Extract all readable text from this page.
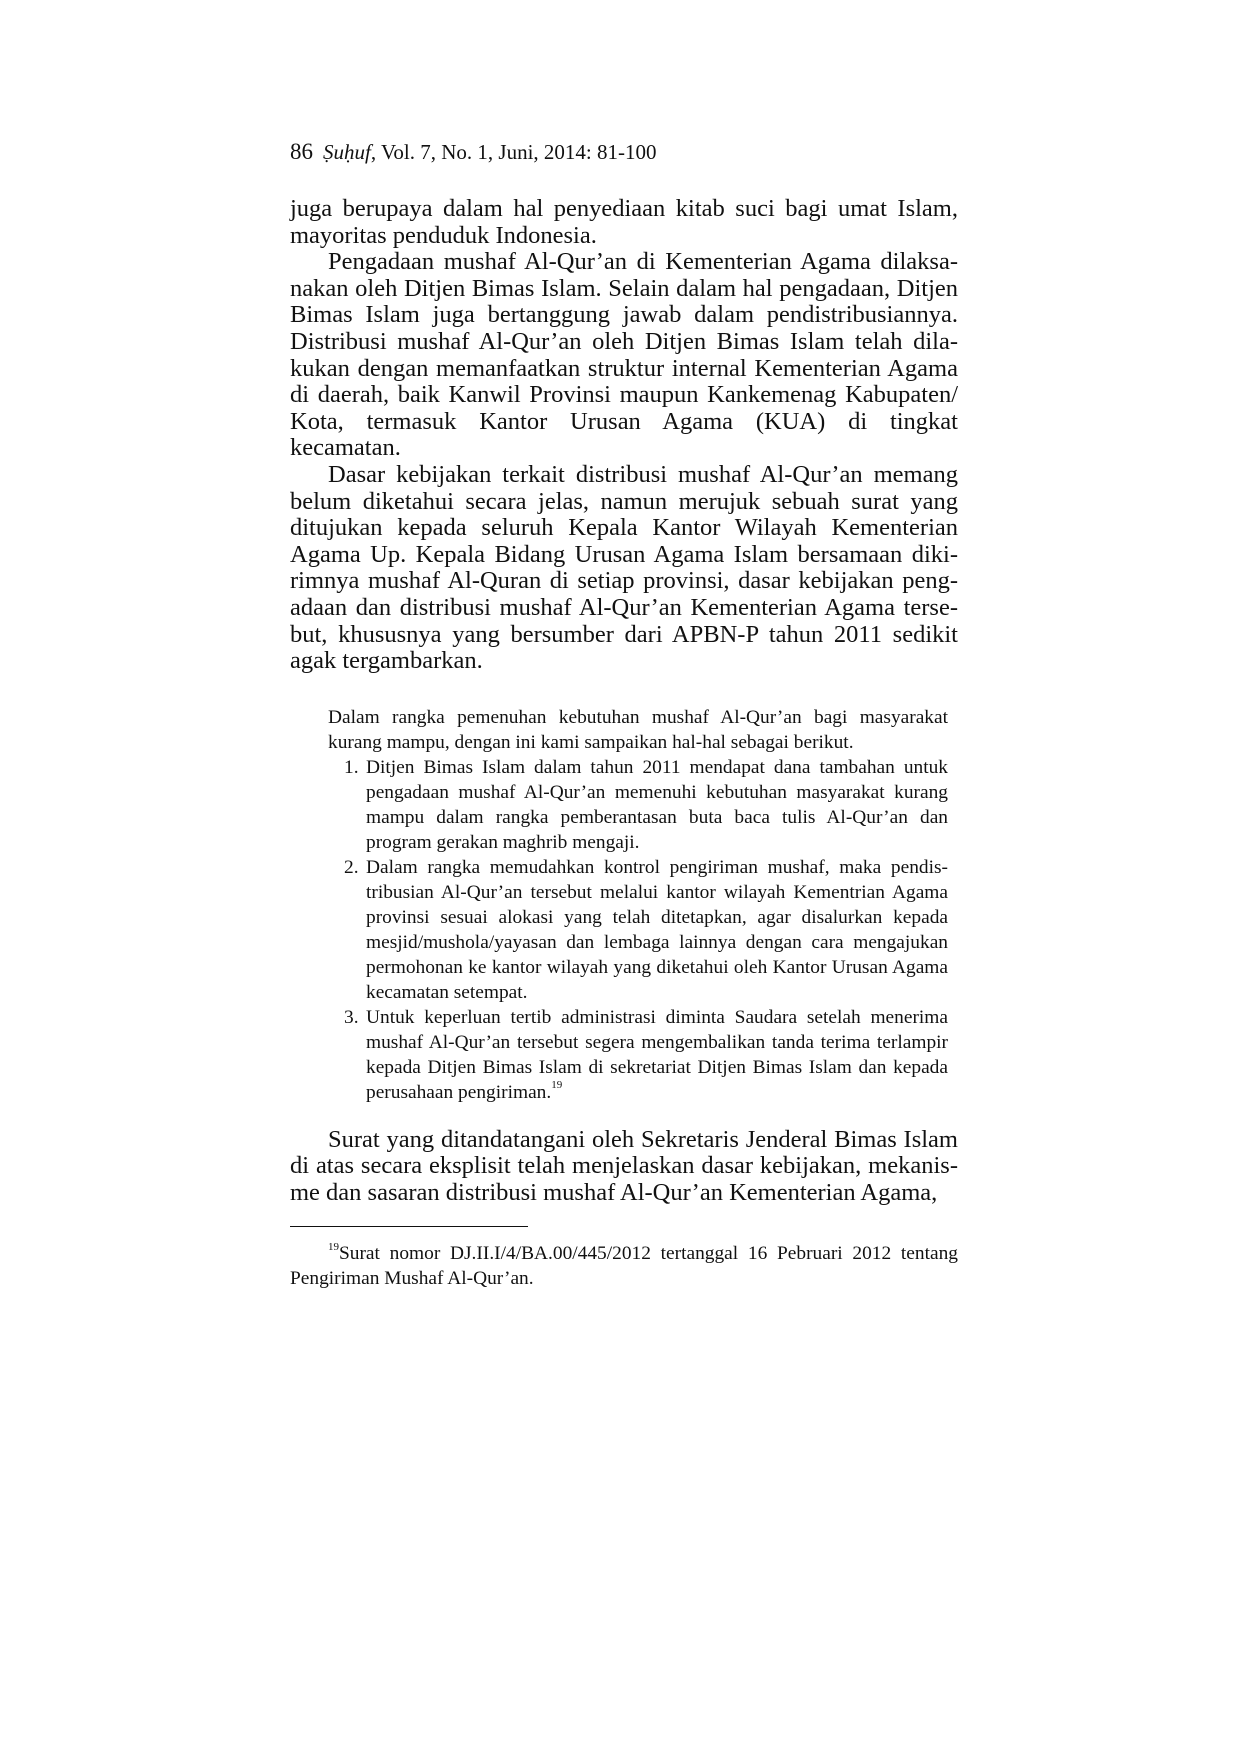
86 Ṣuḥuf, Vol. 7, No. 1, Juni, 2014: 81-100

juga berupaya dalam hal penyediaan kitab suci bagi umat Islam, mayoritas penduduk Indonesia.

Pengadaan mushaf Al-Qur’an di Kementerian Agama dilaksanakan oleh Ditjen Bimas Islam. Selain dalam hal pengadaan, Ditjen Bimas Islam juga bertanggung jawab dalam pendistribusiannya. Distribusi mushaf Al-Qur’an oleh Ditjen Bimas Islam telah dilakukan dengan memanfaatkan struktur internal Kementerian Agama di daerah, baik Kanwil Provinsi maupun Kankemenag Kabupaten/ Kota, termasuk Kantor Urusan Agama (KUA) di tingkat kecamatan.

Dasar kebijakan terkait distribusi mushaf Al-Qur’an memang belum diketahui secara jelas, namun merujuk sebuah surat yang ditujukan kepada seluruh Kepala Kantor Wilayah Kementerian Agama Up. Kepala Bidang Urusan Agama Islam bersamaan dikirimnya mushaf Al-Quran di setiap provinsi, dasar kebijakan pengadaan dan distribusi mushaf Al-Qur’an Kementerian Agama tersebut, khususnya yang bersumber dari APBN-P tahun 2011 sedikit agak tergambarkan.

Dalam rangka pemenuhan kebutuhan mushaf Al-Qur’an bagi masyarakat kurang mampu, dengan ini kami sampaikan hal-hal sebagai berikut.

1. Ditjen Bimas Islam dalam tahun 2011 mendapat dana tambahan untuk pengadaan mushaf Al-Qur’an memenuhi kebutuhan masyarakat kurang mampu dalam rangka pemberantasan buta baca tulis Al-Qur’an dan program gerakan maghrib mengaji.
2. Dalam rangka memudahkan kontrol pengiriman mushaf, maka pendistribusian Al-Qur’an tersebut melalui kantor wilayah Kementrian Agama provinsi sesuai alokasi yang telah ditetapkan, agar disalurkan kepada mesjid/mushola/yayasan dan lembaga lainnya dengan cara mengajukan permohonan ke kantor wilayah yang diketahui oleh Kantor Urusan Agama kecamatan setempat.
3. Untuk keperluan tertib administrasi diminta Saudara setelah menerima mushaf Al-Qur’an tersebut segera mengembalikan tanda terima terlampir kepada Ditjen Bimas Islam di sekretariat Ditjen Bimas Islam dan kepada perusahaan pengiriman.$^{19}$

Surat yang ditandatangani oleh Sekretaris Jenderal Bimas Islam di atas secara eksplisit telah menjelaskan dasar kebijakan, mekanisme dan sasaran distribusi mushaf Al-Qur’an Kementerian Agama,

$^{19}$Surat nomor DJ.II.I/4/BA.00/445/2012 tertanggal 16 Pebruari 2012 tentang Pengiriman Mushaf Al-Qur’an.
